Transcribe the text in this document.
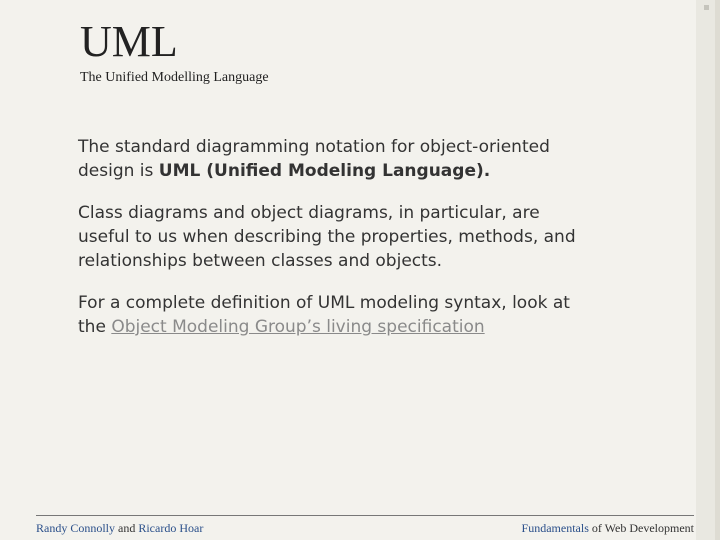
UML
The Unified Modelling Language

The standard diagramming notation for object-oriented design is UML (Unified Modeling Language).

Class diagrams and object diagrams, in particular, are useful to us when describing the properties, methods, and relationships between classes and objects.

For a complete definition of UML modeling syntax, look at the Object Modeling Group’s living specification

Randy Connolly and Ricardo Hoar	Fundamentals of Web Development
